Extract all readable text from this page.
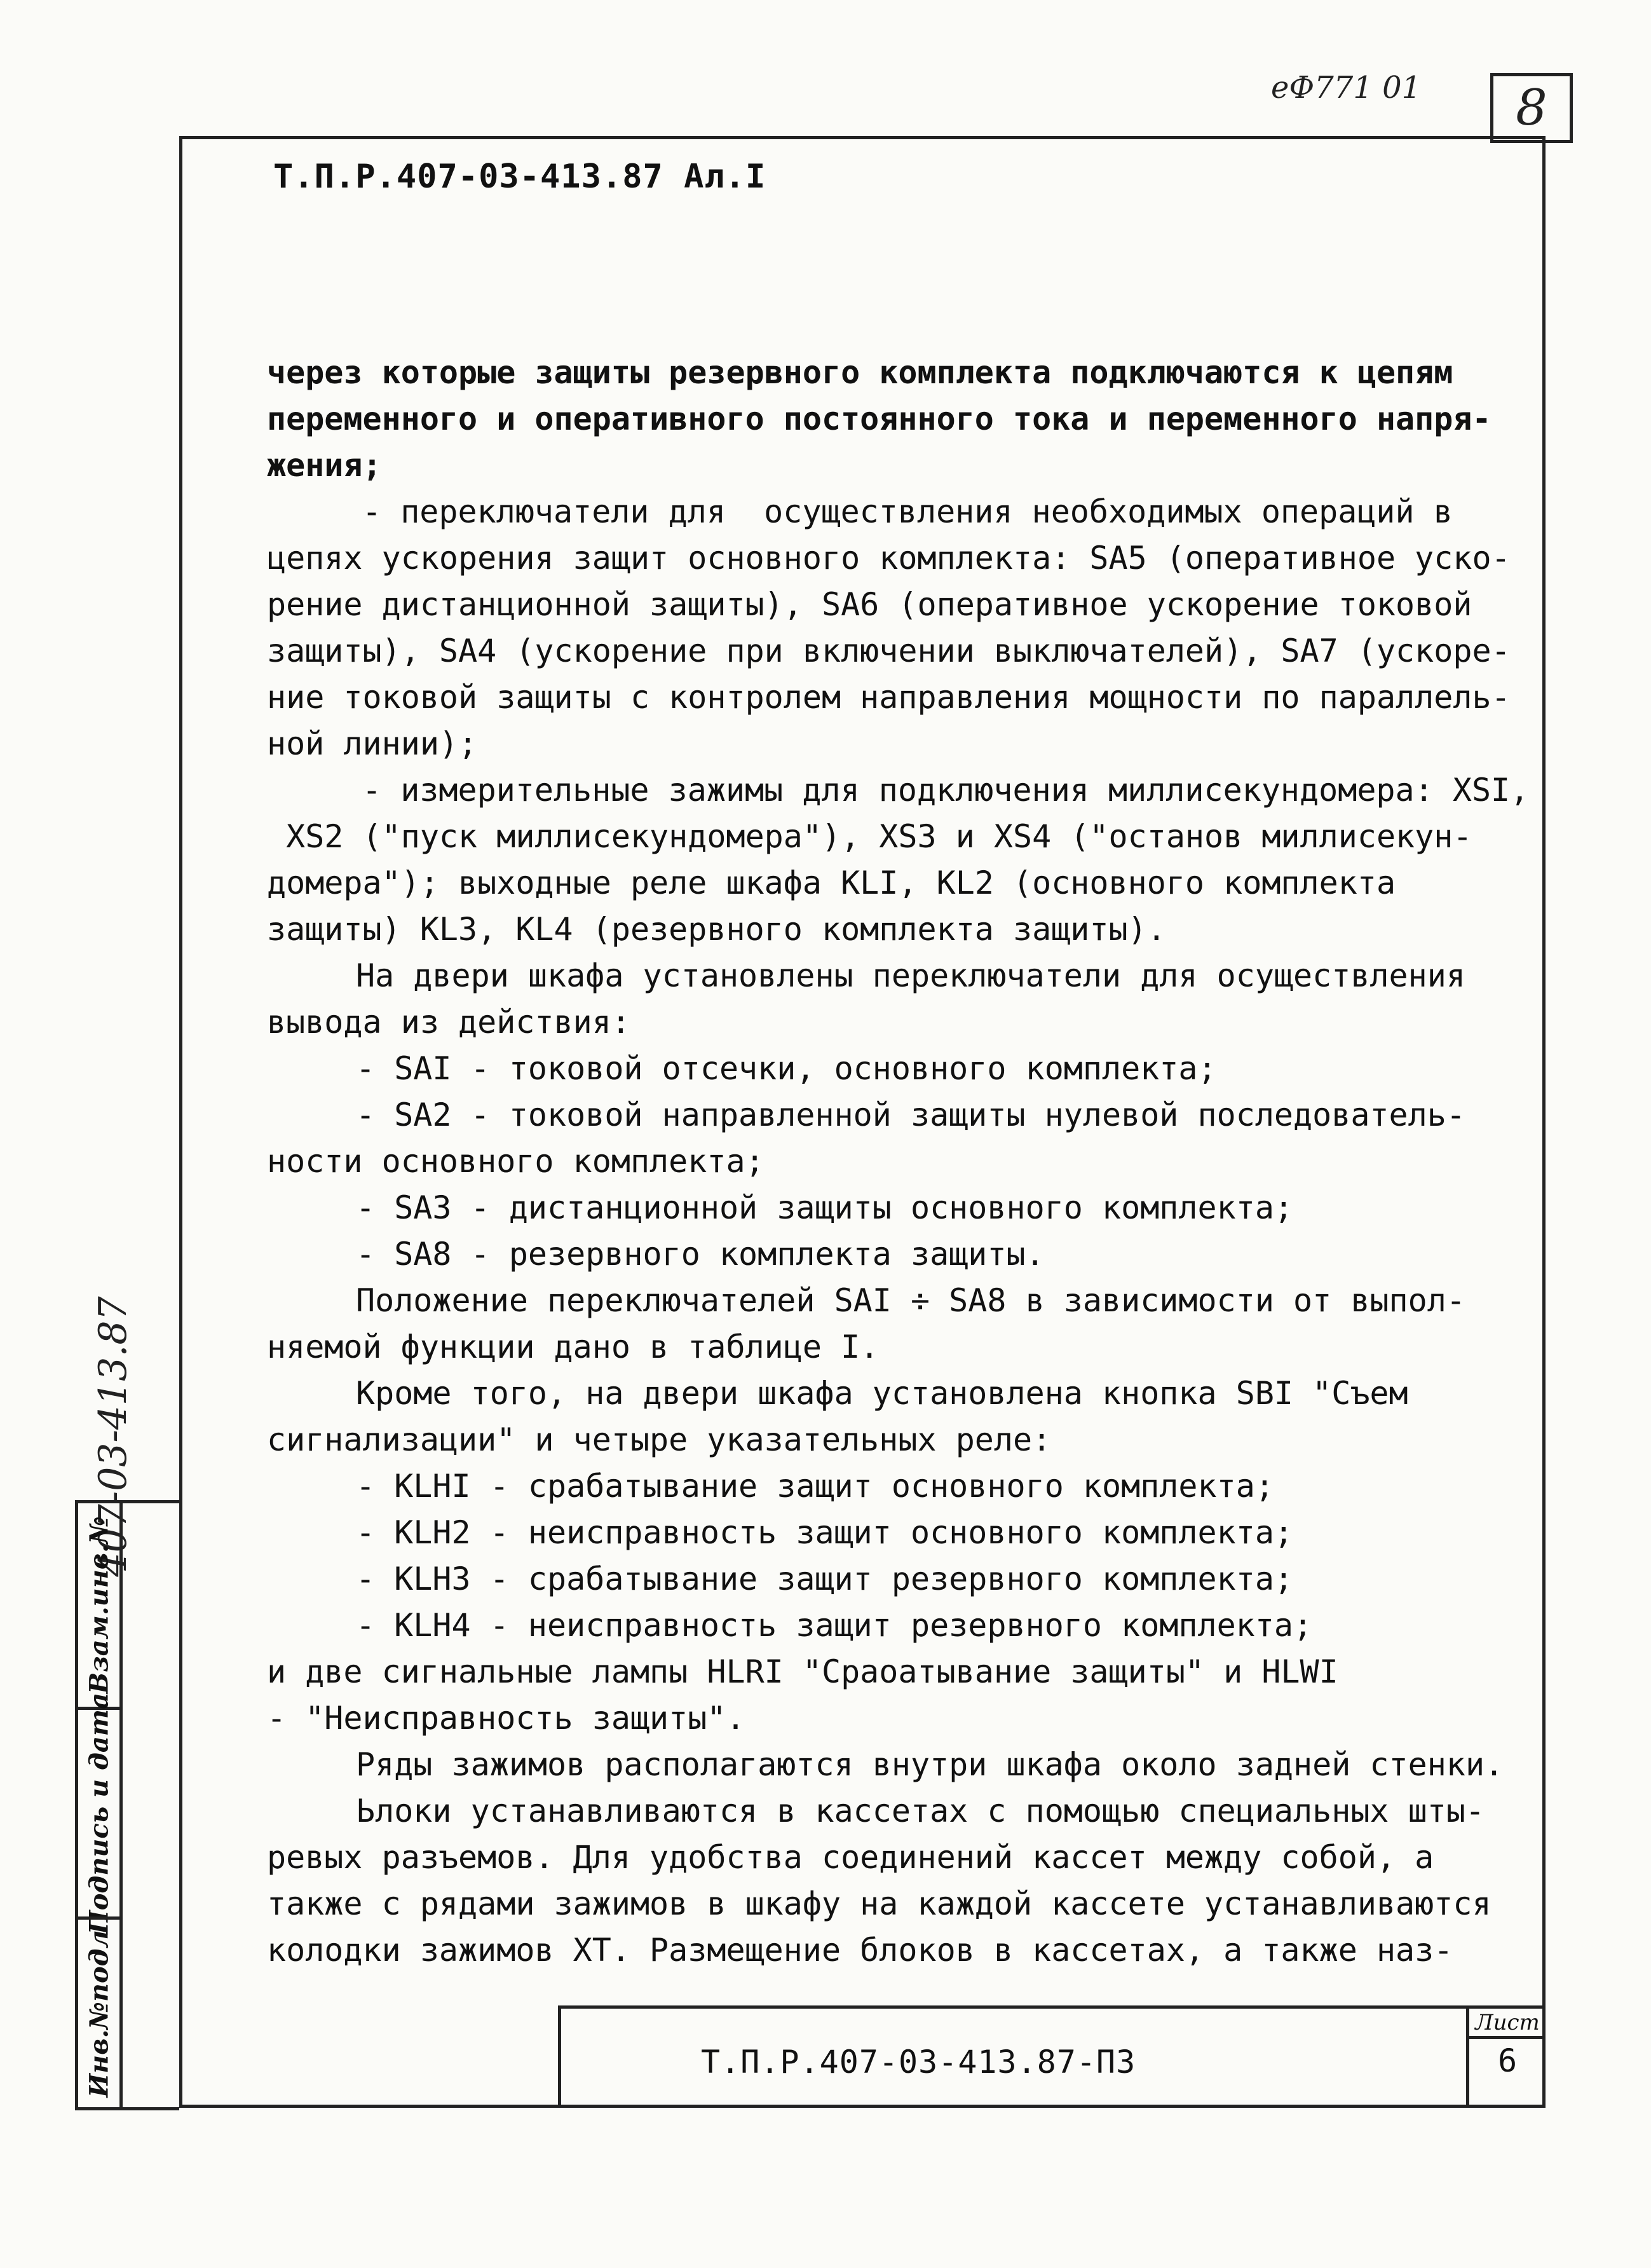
еФ771 01	8
Т.П.Р.407-03-413.87 Ал.I
через которые защиты резервного комплекта подключаются к цепям
переменного и оперативного постоянного тока и переменного напря-
жения;
- переключатели для  осуществления необходимых операций в
цепях ускорения защит основного комплекта: SA5 (оперативное уско-
рение дистанционной защиты), SA6 (оперативное ускорение токовой
защиты), SA4 (ускорение при включении выключателей), SA7 (ускоре-
ние токовой защиты с контролем направления мощности по параллель-
ной линии);
- измерительные зажимы для подключения миллисекундомера: XSI,
XS2 ("пуск миллисекундомера"), XS3 и XS4 ("останов миллисекун-
домера"); выходные реле шкафа KLI, KL2 (основного комплекта
защиты) KL3, KL4 (резервного комплекта защиты).
На двери шкафа установлены переключатели для осуществления
вывода из действия:
- SAI - токовой отсечки, основного комплекта;
- SA2 - токовой направленной защиты нулевой последователь-
ности основного комплекта;
- SA3 - дистанционной защиты основного комплекта;
- SA8 - резервного комплекта защиты.
Положение переключателей SAI ÷ SA8 в зависимости от выпол-
няемой функции дано в таблице I.
Кроме того, на двери шкафа установлена кнопка SBI "Съем
сигнализации" и четыре указательных реле:
- KLHI - срабатывание защит основного комплекта;
- KLH2 - неисправность защит основного комплекта;
- KLH3 - срабатывание защит резервного комплекта;
- KLH4 - неисправность защит резервного комплекта;
и две сигнальные лампы HLRI "Сраоатывание защиты" и HLWI
- "Неисправность защиты".
Ряды зажимов располагаются внутри шкафа около задней стенки.
Ьлоки устанавливаются в кассетах с помощью специальных шты-
ревых разъемов. Для удобства соединений кассет между собой, а
также с рядами зажимов в шкафу на каждой кассете устанавливаются
колодки зажимов XT. Размещение блоков в кассетах, а также наз-
407-03-413.87
Взам.инв.№
Подпись и дата
Инв.№подл	Т.П.Р.407-03-413.87-П3
Лист
6
